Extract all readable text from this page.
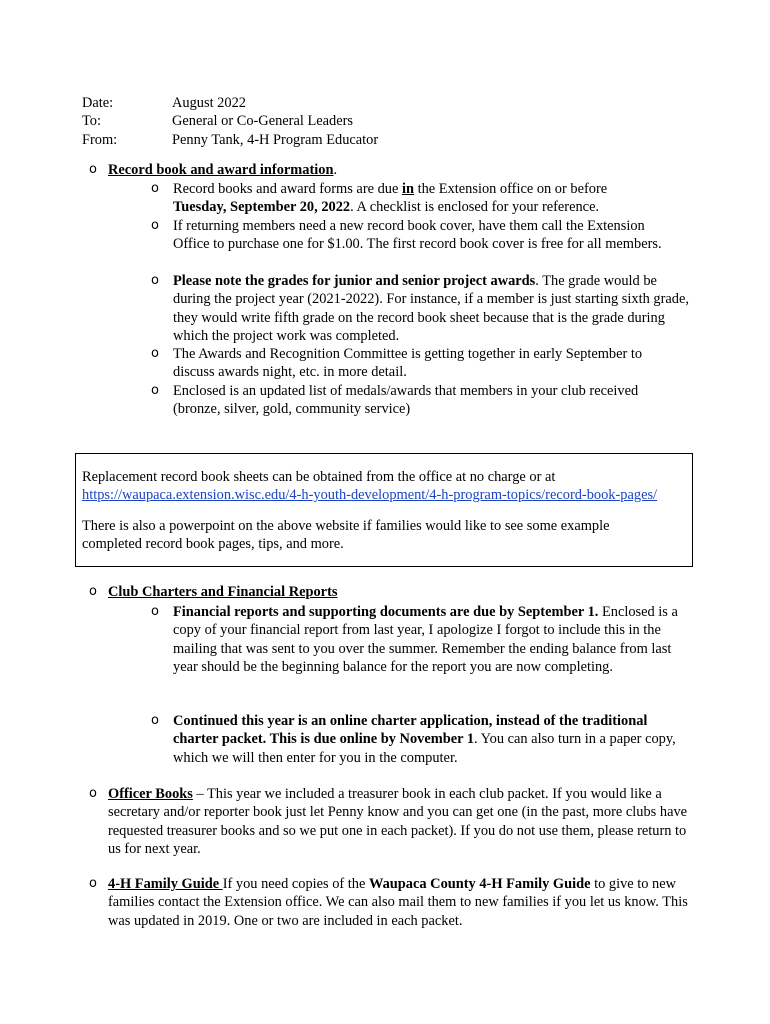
Date:	August 2022
To:	General or Co-General Leaders
From:	Penny Tank, 4-H Program Educator
o Record book and award information.
o Record books and award forms are due in the Extension office on or before
Tuesday, September 20, 2022. A checklist is enclosed for your reference.
o If returning members need a new record book cover, have them call the Extension Office to purchase one for $1.00. The first record book cover is free for all members.
o Please note the grades for junior and senior project awards. The grade would be during the project year (2021-2022). For instance, if a member is just starting sixth grade, they would write fifth grade on the record book sheet because that is the grade during which the project work was completed.
o The Awards and Recognition Committee is getting together in early September to discuss awards night, etc. in more detail.
o Enclosed is an updated list of medals/awards that members in your club received (bronze, silver, gold, community service)
Replacement record book sheets can be obtained from the office at no charge or at
https://waupaca.extension.wisc.edu/4-h-youth-development/4-h-program-topics/record-book-pages/
There is also a powerpoint on the above website if families would like to see some example completed record book pages, tips, and more.
o Club Charters and Financial Reports
o Financial reports and supporting documents are due by September 1. Enclosed is a copy of your financial report from last year, I apologize I forgot to include this in the mailing that was sent to you over the summer. Remember the ending balance from last year should be the beginning balance for the report you are now completing.
o Continued this year is an online charter application, instead of the traditional charter packet. This is due online by November 1. You can also turn in a paper copy, which we will then enter for you in the computer.
o Officer Books – This year we included a treasurer book in each club packet. If you would like a secretary and/or reporter book just let Penny know and you can get one (in the past, more clubs have requested treasurer books and so we put one in each packet). If you do not use them, please return to us for next year.
o 4-H Family Guide If you need copies of the Waupaca County 4-H Family Guide to give to new families contact the Extension office. We can also mail them to new families if you let us know. This was updated in 2019. One or two are included in each packet.
